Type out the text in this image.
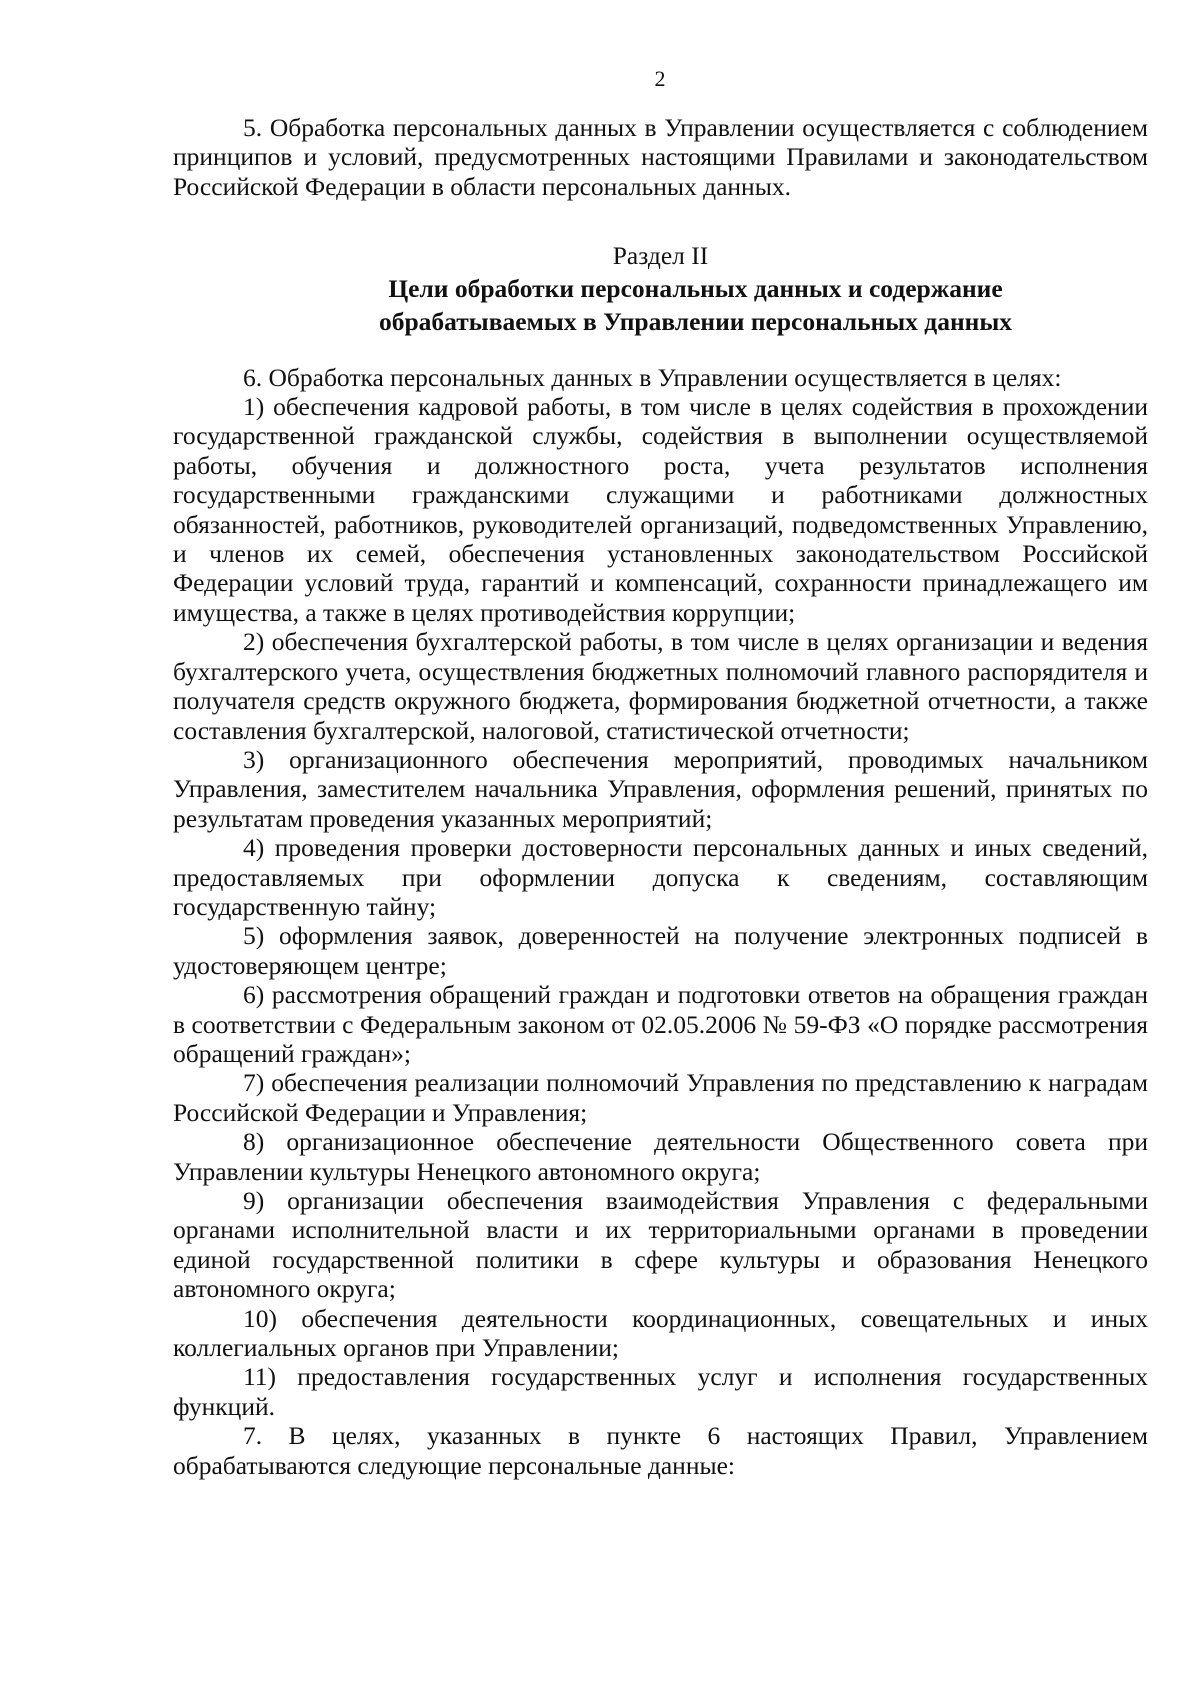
2

5. Обработка персональных данных в Управлении осуществляется с соблюдением принципов и условий, предусмотренных настоящими Правилами и законодательством Российской Федерации в области персональных данных.

Раздел II

Цели обработки персональных данных и содержание

обрабатываемых в Управлении персональных данных

6. Обработка персональных данных в Управлении осуществляется в целях:

1) обеспечения кадровой работы, в том числе в целях содействия в прохождении государственной гражданской службы, содействия в выполнении осуществляемой работы, обучения и должностного роста, учета результатов исполнения государственными гражданскими служащими и работниками должностных обязанностей, работников, руководителей организаций, подведомственных Управлению, и членов их семей, обеспечения установленных законодательством Российской Федерации условий труда, гарантий и компенсаций, сохранности принадлежащего им имущества, а также в целях противодействия коррупции;

2) обеспечения бухгалтерской работы, в том числе в целях организации и ведения бухгалтерского учета, осуществления бюджетных полномочий главного распорядителя и получателя средств окружного бюджета, формирования бюджетной отчетности, а также составления бухгалтерской, налоговой, статистической отчетности;

3) организационного обеспечения мероприятий, проводимых начальником Управления, заместителем начальника Управления, оформления решений, принятых по результатам проведения указанных мероприятий;

4) проведения проверки достоверности персональных данных и иных сведений, предоставляемых при оформлении допуска к сведениям, составляющим государственную тайну;

5) оформления заявок, доверенностей на получение электронных подписей в удостоверяющем центре;

6) рассмотрения обращений граждан и подготовки ответов на обращения граждан в соответствии с Федеральным законом от 02.05.2006 № 59-ФЗ «О порядке рассмотрения обращений граждан»;

7) обеспечения реализации полномочий Управления по представлению к наградам Российской Федерации и Управления;

8) организационное обеспечение деятельности Общественного совета при Управлении культуры Ненецкого автономного округа;

9) организации обеспечения взаимодействия Управления с федеральными органами исполнительной власти и их территориальными органами в проведении единой государственной политики в сфере культуры и образования Ненецкого автономного округа;

10) обеспечения деятельности координационных, совещательных и иных коллегиальных органов при Управлении;

11) предоставления государственных услуг и исполнения государственных функций.

7. В целях, указанных в пункте 6 настоящих Правил, Управлением обрабатываются следующие персональные данные:
